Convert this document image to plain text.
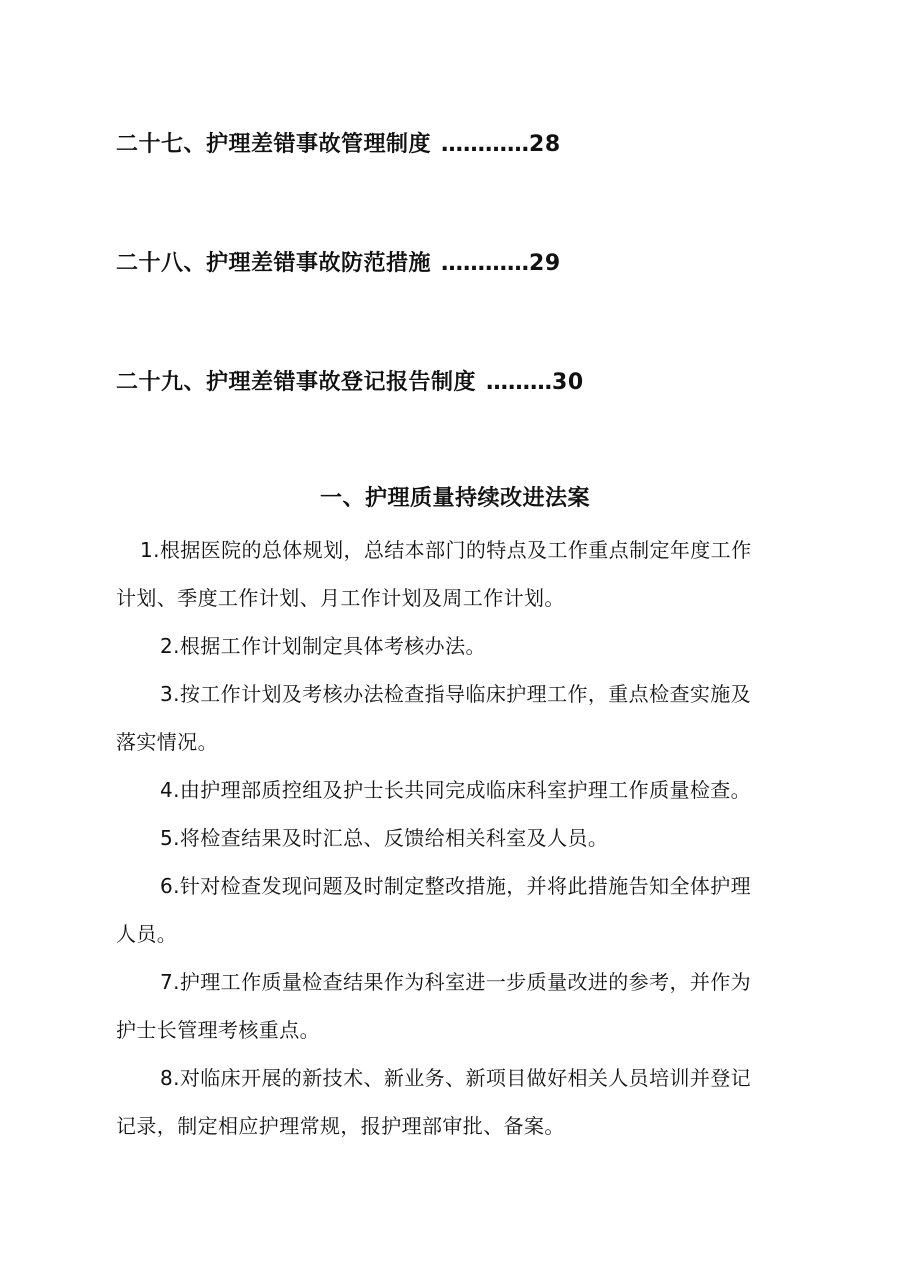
二十七、护理差错事故管理制度 …………28
二十八、护理差错事故防范措施 …………29
二十九、护理差错事故登记报告制度 ………30
一、护理质量持续改进法案
1.根据医院的总体规划，总结本部门的特点及工作重点制定年度工作
计划、季度工作计划、月工作计划及周工作计划。
2.根据工作计划制定具体考核办法。
3.按工作计划及考核办法检查指导临床护理工作，重点检查实施及
落实情况。
4.由护理部质控组及护士长共同完成临床科室护理工作质量检查。
5.将检查结果及时汇总、反馈给相关科室及人员。
6.针对检查发现问题及时制定整改措施，并将此措施告知全体护理
人员。
7.护理工作质量检查结果作为科室进一步质量改进的参考，并作为
护士长管理考核重点。
8.对临床开展的新技术、新业务、新项目做好相关人员培训并登记
记录，制定相应护理常规，报护理部审批、备案。
